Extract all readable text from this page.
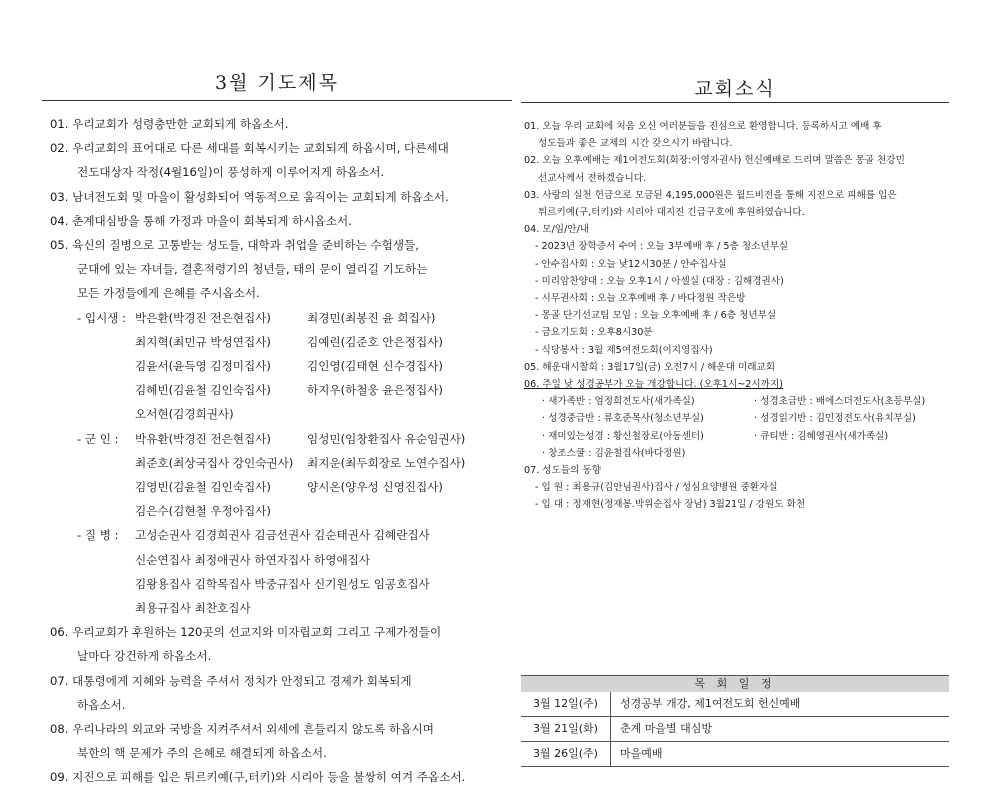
3월 기도제목
01. 우리교회가 성령충만한 교회되게 하옵소서.
02. 우리교회의 표어대로 다른 세대를 회복시키는 교회되게 하옵시며, 다른세대
전도대상자 작정(4월16일)이 풍성하게 이루어지게 하옵소서.
03. 남녀전도회 및 마을이 활성화되어 역동적으로 움직이는 교회되게 하옵소서.
04. 춘계대심방을 통해 가정과 마을이 회복되게 하시옵소서.
05. 육신의 질병으로 고통받는 성도들, 대학과 취업을 준비하는 수험생들,
군대에 있는 자녀들, 결혼적령기의 청년들, 태의 문이 열리길 기도하는
모든 가정들에게 은혜를 주시옵소서.
- 입시생 : 박은환(박경진 전은현집사)	최경민(최봉진 윤 희집사)
최지혁(최민규 박성연집사)	김예린(김준호 안은정집사)
김윤서(윤득영 김정미집사)	김인영(김태현 신수경집사)
김혜빈(김윤철 김인숙집사)	하지우(하철웅 윤은정집사)
오서현(김경희권사)
- 군 인 :	박유환(박경진 전은현집사)	임성민(임창환집사 유순임권사)
최준호(최상국집사 강인숙권사)	최지운(최두희장로 노연수집사)
김영빈(김윤철 김인숙집사)	양시온(양우성 신영진집사)
김은수(김현철 우정아집사)
- 질 병 :	고성순권사 김경희권사 김금선권사 김순태권사 김혜란집사
신순연집사 최정애권사 하연자집사 하영애집사
김왕용집사 김학목집사 박중규집사 신기원성도 임공호집사
최용규집사 최찬호집사
06. 우리교회가 후원하는 120곳의 선교지와 미자립교회 그리고 구제가정들이
날마다 강건하게 하옵소서.
07. 대통령에게 지혜와 능력을 주셔서 정치가 안정되고 경제가 회복되게
하옵소서.
08. 우리나라의 외교와 국방을 지켜주셔서 외세에 흔들리지 않도록 하옵시며
북한의 핵 문제가 주의 은혜로 해결되게 하옵소서.
09. 지진으로 피해를 입은 튀르키예(구,터키)와 시리아 등을 불쌍히 여겨 주옵소서.
교회소식
01. 오늘 우리 교회에 처음 오신 여러분들을 진심으로 환영합니다. 등록하시고 예배 후
성도들과 좋은 교제의 시간 갖으시기 바랍니다.
02. 오늘 오후예배는 제1여전도회(회장:이영자권사) 헌신예배로 드리며 말씀은 몽골 천강민
선교사께서 전하겠습니다.
03. 사랑의 실천 헌금으로 모금된 4,195,000원은 월드비전을 통해 지진으로 피해를 입은
튀르키예(구,터키)와 시리아 대지진 긴급구호에 후원하였습니다.
04. 모/임/안/내
- 2023년 장학증서 수여 : 오늘 3부예배 후 / 5층 청소년부실
- 안수집사회 : 오늘 낮12시30분 / 안수집사실
- 미리암찬양대 : 오늘 오후1시 / 아셀실 (대장 : 김해경권사)
- 시무권사회 : 오늘 오후예배 후 / 바다정원 작은방
- 몽골 단기선교팀 모임 : 오늘 오후예배 후 / 6층 청년부실
- 금요기도회 : 오후8시30분
- 식당봉사 : 3월 제5여전도회(이지영집사)
05. 해운대시찰회 : 3월17일(금) 오전7시 / 해운대 미래교회
06. 주일 낮 성경공부가 오늘 개강합니다. (오후1시~2시까지)
· 새가족반 : 엄정희전도사(새가족실)	· 성경초급반 : 배에스더전도사(초등부실)
· 성경중급반 : 류호준목사(청소년부실)	· 성경읽기반 : 김민정전도사(유치부실)
· 재미있는성경 : 황신철장로(아동센터)	· 큐티반 : 김혜영권사(새가족실)
· 창조스쿨 : 김윤철집사(바다정원)
07. 성도들의 동향
- 입 원 : 최용규(김안님권사)집사 / 성심요양병원 중환자실
- 입 대 : 정재현(정재봉.박위순집사 장남) 3월21일 / 강원도 화천
목 회 일 정
3월 12일(주)	성경공부 개강, 제1여전도회 헌신예배
3월 21일(화)	춘계 마을별 대심방
3월 26일(주)	마을예배
